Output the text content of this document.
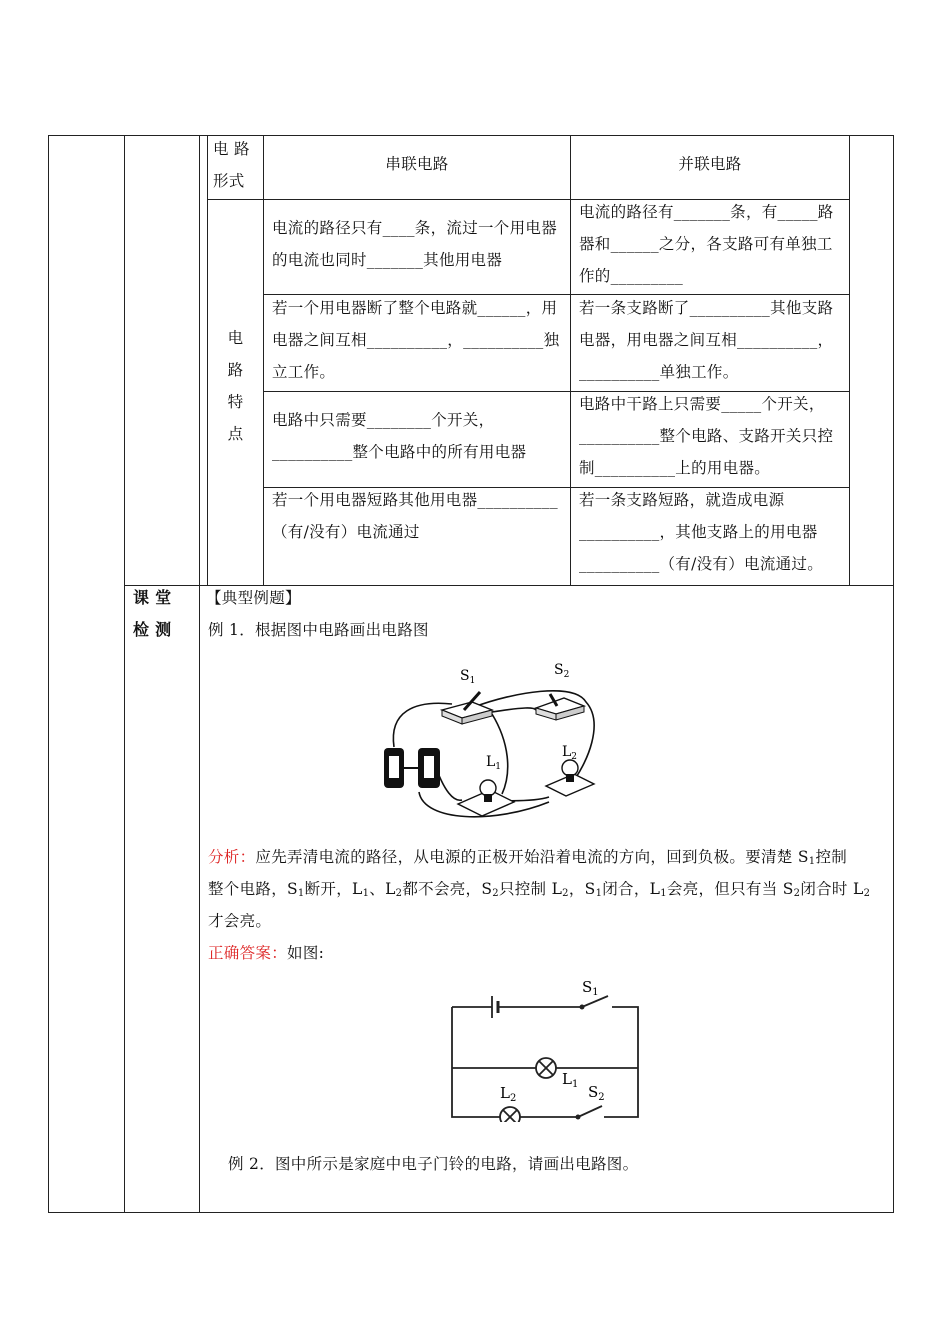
电 路
形式
串联电路	并联电路
电
路
特
点
电流的路径只有____条，流过一个用电器的电流也同时_______其他用电器
电流的路径有_______条，有_____路器和______之分，各支路可有单独工作的_________
若一个用电器断了整个电路就______，用电器之间互相__________，__________独立工作。
若一条支路断了__________其他支路电器，用电器之间互相__________，__________单独工作。
电路中只需要________个开关，__________整个电路中的所有用电器
电路中干路上只需要_____个开关，__________整个电路、支路开关只控制__________上的用电器。
若一个用电器短路其他用电器__________（有/没有）电流通过
若一条支路短路，就造成电源__________，其他支路上的用电器__________（有/没有）电流通过。
课 堂
检 测
【典型例题】
例 1．根据图中电路画出电路图
$S_1$
$S_2$
$L_1$
$L_2$
分析：应先弄清电流的路径，从电源的正极开始沿着电流的方向，回到负极。要清楚 $S_1$控制
整个电路，$S_1$断开，$L_1$、$L_2$都不会亮，$S_2$只控制 $L_2$，$S_1$闭合，$L_1$会亮，但只有当 $S_2$闭合时 $L_2$
才会亮。
正确答案：如图:
$S_1$
$L_1$ $S_2$
$L_2$
例 2．图中所示是家庭中电子门铃的电路，请画出电路图。
